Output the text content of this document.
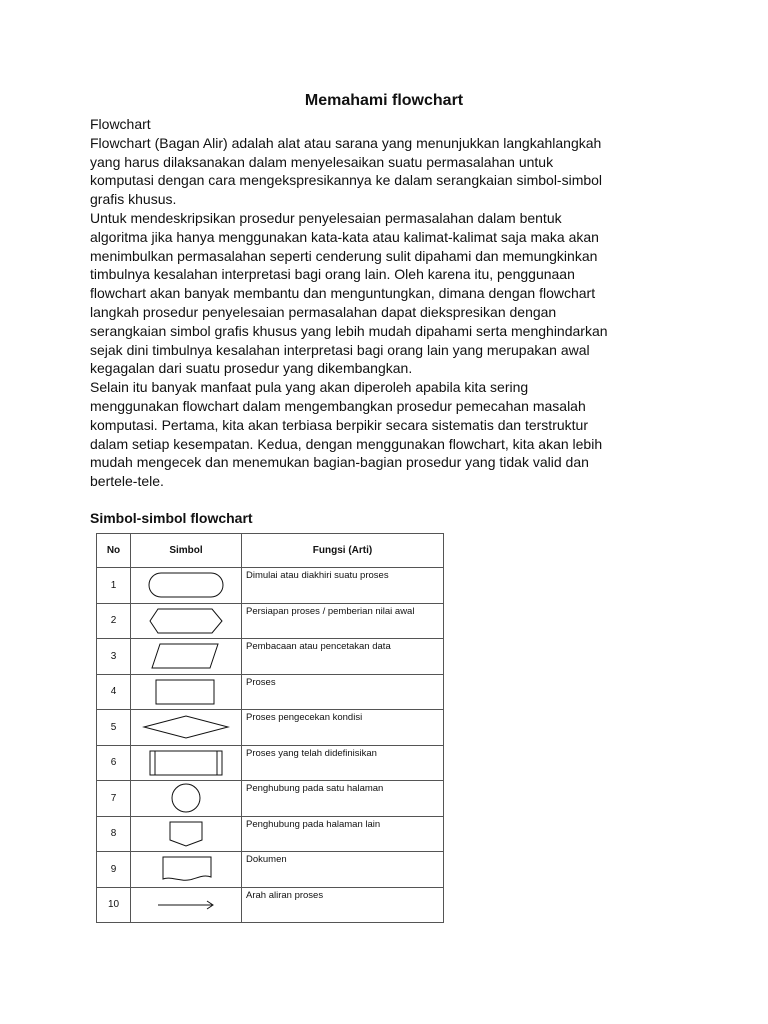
Memahami flowchart

Flowchart

Flowchart (Bagan Alir) adalah alat atau sarana yang menunjukkan langkahlangkah

yang harus dilaksanakan dalam menyelesaikan suatu permasalahan untuk

komputasi dengan cara mengekspresikannya ke dalam serangkaian simbol-simbol

grafis khusus.

Untuk mendeskripsikan prosedur penyelesaian permasalahan dalam bentuk

algoritma jika hanya menggunakan kata-kata atau kalimat-kalimat saja maka akan

menimbulkan permasalahan seperti cenderung sulit dipahami dan memungkinkan

timbulnya kesalahan interpretasi bagi orang lain. Oleh karena itu, penggunaan

flowchart akan banyak membantu dan menguntungkan, dimana dengan flowchart

langkah prosedur penyelesaian permasalahan dapat diekspresikan dengan

serangkaian simbol grafis khusus yang lebih mudah dipahami serta menghindarkan

sejak dini timbulnya kesalahan interpretasi bagi orang lain yang merupakan awal

kegagalan dari suatu prosedur yang dikembangkan.

Selain itu banyak manfaat pula yang akan diperoleh apabila kita sering

menggunakan flowchart dalam mengembangkan prosedur pemecahan masalah

komputasi. Pertama, kita akan terbiasa berpikir secara sistematis dan terstruktur

dalam setiap kesempatan. Kedua, dengan menggunakan flowchart, kita akan lebih

mudah mengecek dan menemukan bagian-bagian prosedur yang tidak valid dan

bertele-tele.

Simbol-simbol flowchart
No	Simbol	Fungsi (Arti)
1		Dimulai atau diakhiri suatu proses
2		Persiapan proses / pemberian nilai awal
3		Pembacaan atau pencetakan data
4		Proses
5		Proses pengecekan kondisi
6		Proses yang telah didefinisikan
7		Penghubung pada satu halaman
8		Penghubung pada halaman lain
9		Dokumen
10		Arah aliran proses
